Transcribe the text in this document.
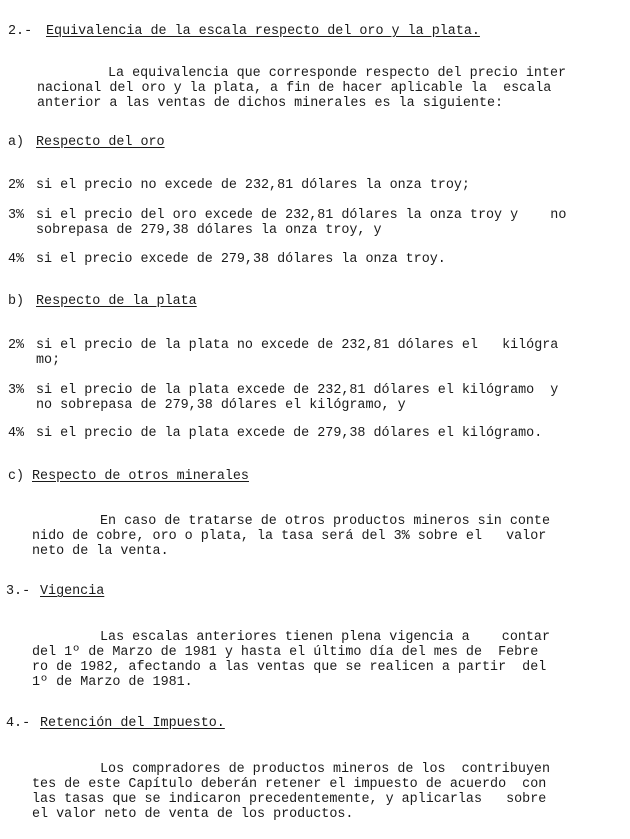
2.- Equivalencia de la escala respecto del oro y la plata.
La equivalencia que corresponde respecto del precio inter
nacional del oro y la plata, a fin de hacer aplicable la  escala
anterior a las ventas de dichos minerales es la siguiente:
a) Respecto del oro
2% si el precio no excede de 232,81 dólares la onza troy;
3% si el precio del oro excede de 232,81 dólares la onza troy y    no
sobrepasa de 279,38 dólares la onza troy, y
4% si el precio excede de 279,38 dólares la onza troy.
b) Respecto de la plata
2% si el precio de la plata no excede de 232,81 dólares el   kilógra
mo;
3% si el precio de la plata excede de 232,81 dólares el kilógramo  y
no sobrepasa de 279,38 dólares el kilógramo, y
4% si el precio de la plata excede de 279,38 dólares el kilógramo.
c) Respecto de otros minerales
En caso de tratarse de otros productos mineros sin conte
nido de cobre, oro o plata, la tasa será del 3% sobre el   valor
neto de la venta.
3.- Vigencia
Las escalas anteriores tienen plena vigencia a    contar
del 1º de Marzo de 1981 y hasta el último día del mes de  Febre
ro de 1982, afectando a las ventas que se realicen a partir  del
1º de Marzo de 1981.
4.- Retención del Impuesto.
Los compradores de productos mineros de los  contribuyen
tes de este Capítulo deberán retener el impuesto de acuerdo  con
las tasas que se indicaron precedentemente, y aplicarlas   sobre
el valor neto de venta de los productos.
